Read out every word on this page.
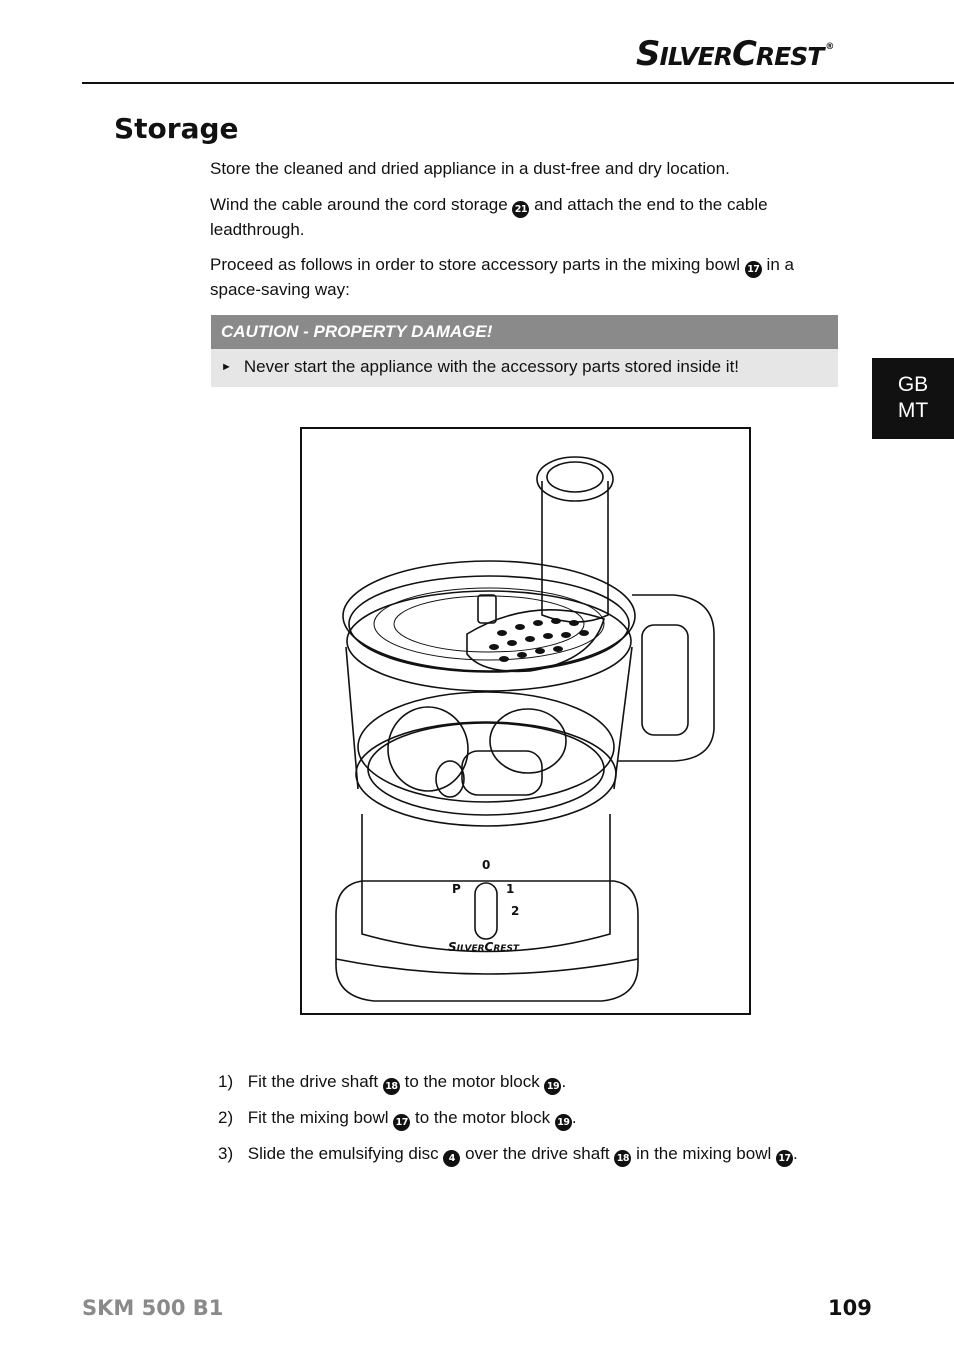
SILVERCREST ®
Storage

Store the cleaned and dried appliance in a dust-free and dry location.

Wind the cable around the cord storage 21 and attach the end to the cable leadthrough.

Proceed as follows in order to store accessory parts in the mixing bowl 17 in a space-saving way:

CAUTION - PROPERTY DAMAGE!
► Never start the appliance with the accessory parts stored inside it!
GB
MT
0
P	1
2
SILVERCREST
1) Fit the drive shaft 18 to the motor block 19 .
2) Fit the mixing bowl 17 to the motor block 19 .
3) Slide the emulsifying disc 4 over the drive shaft 18 in the mixing bowl 17 .
SKM 500 B1	109
